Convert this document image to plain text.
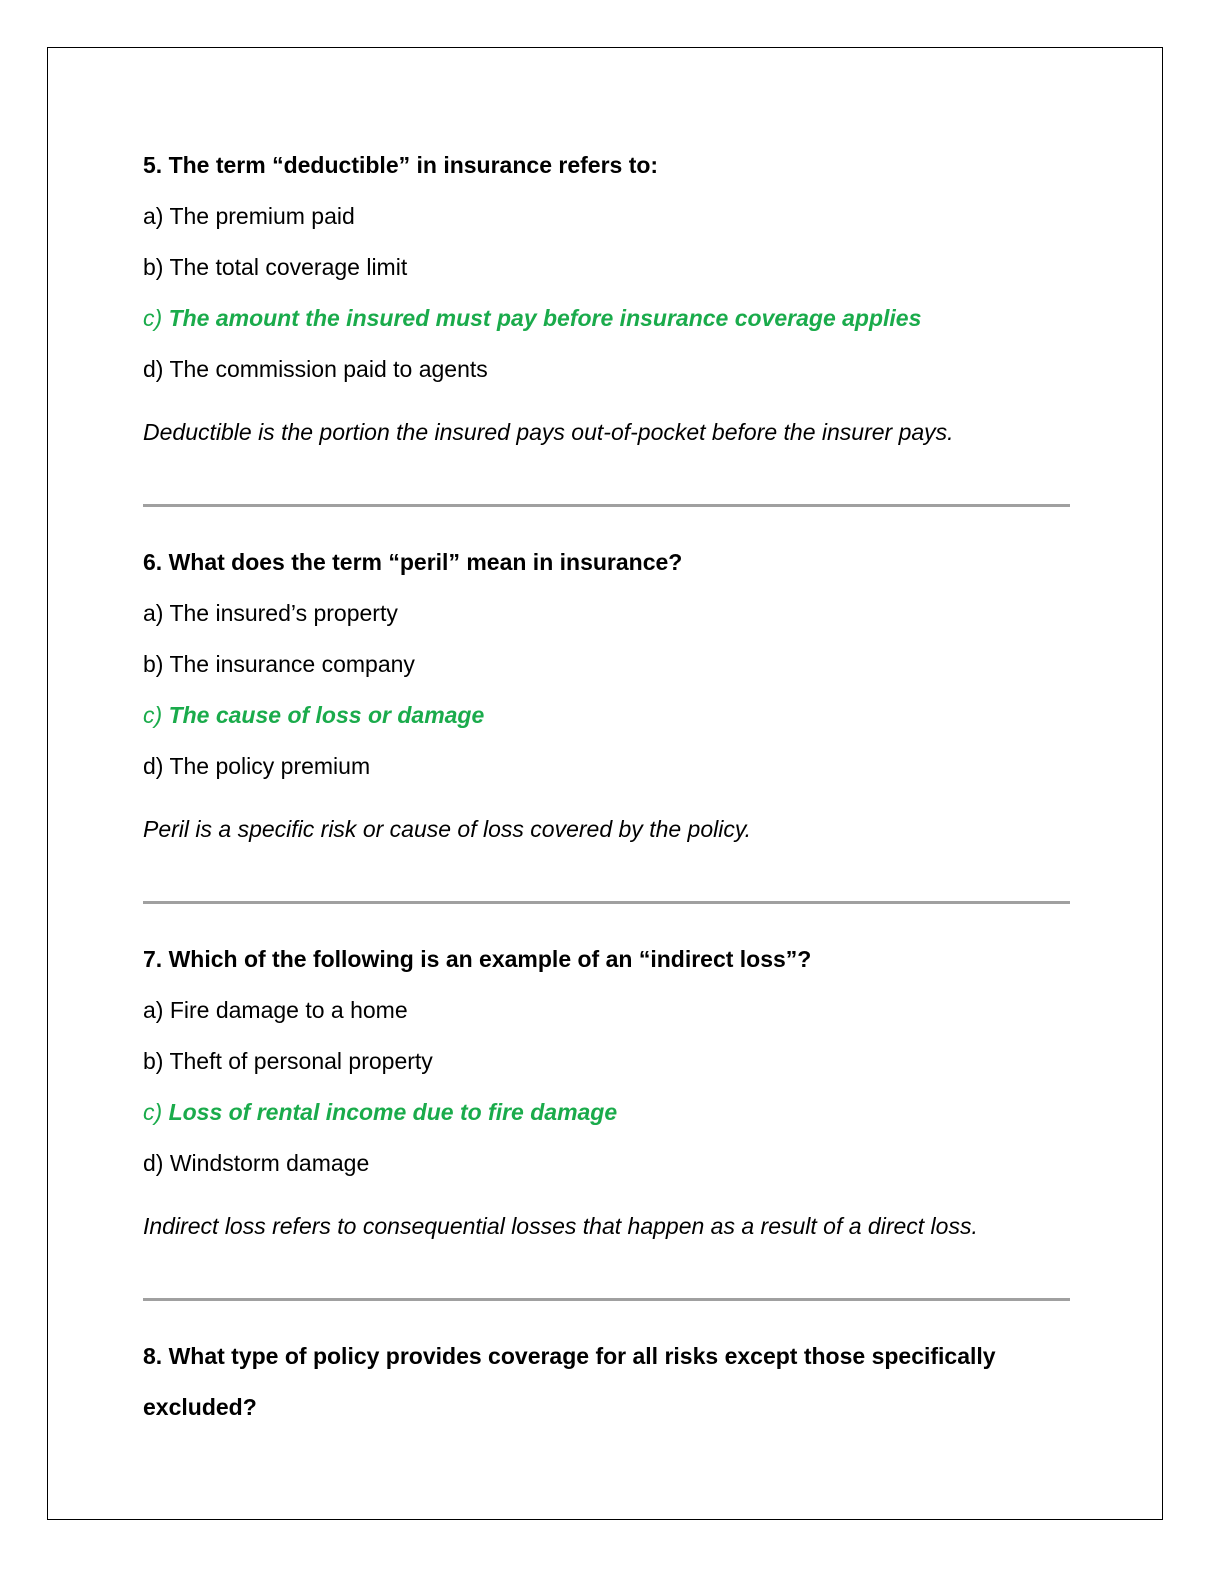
5. The term “deductible” in insurance refers to:

a) The premium paid

b) The total coverage limit

c) The amount the insured must pay before insurance coverage applies

d) The commission paid to agents

Deductible is the portion the insured pays out-of-pocket before the insurer pays.

6. What does the term “peril” mean in insurance?

a) The insured’s property

b) The insurance company

c) The cause of loss or damage

d) The policy premium

Peril is a specific risk or cause of loss covered by the policy.

7. Which of the following is an example of an “indirect loss”?

a) Fire damage to a home

b) Theft of personal property

c) Loss of rental income due to fire damage

d) Windstorm damage

Indirect loss refers to consequential losses that happen as a result of a direct loss.

8. What type of policy provides coverage for all risks except those specifically excluded?
